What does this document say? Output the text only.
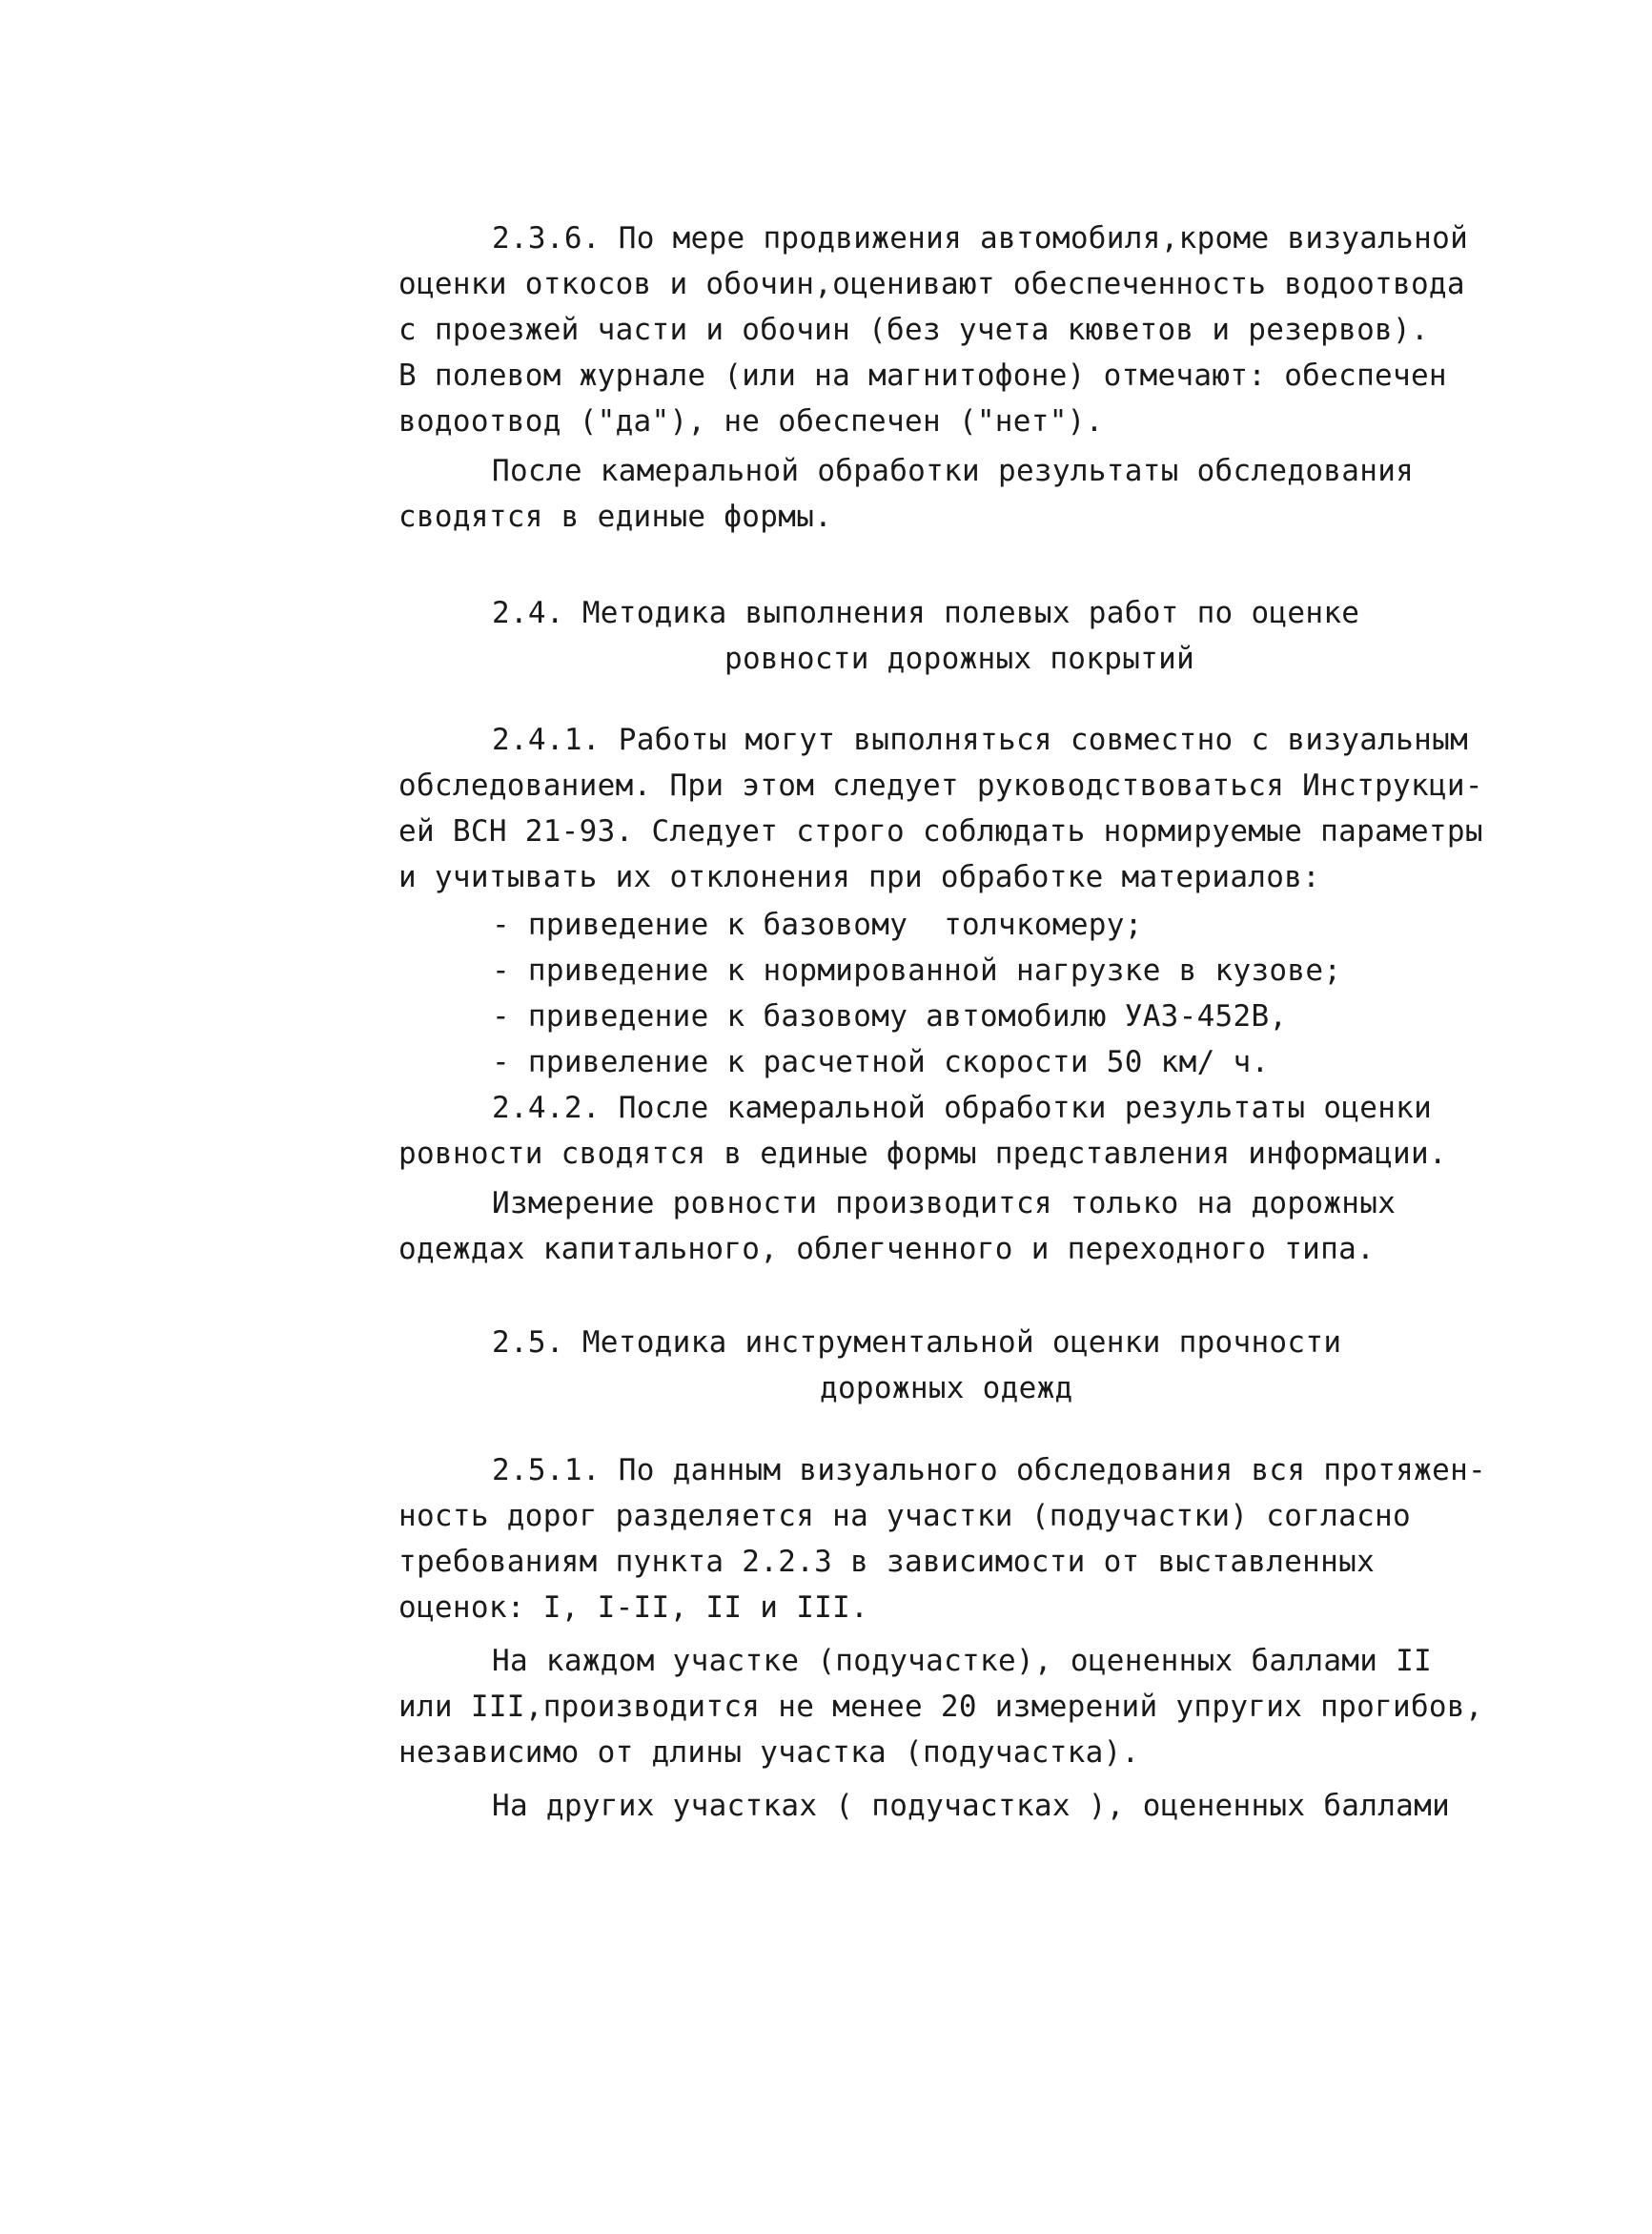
2.3.6. По мере продвижения автомобиля,кроме визуальной
оценки откосов и обочин,оценивают обеспеченность водоотвода
с проезжей части и обочин (без учета кюветов и резервов).
В полевом журнале (или на магнитофоне) отмечают: обеспечен
водоотвод ("да"), не обеспечен ("нет").
После камеральной обработки результаты обследования
сводятся в единые формы.
2.4. Методика выполнения полевых работ по оценке
ровности дорожных покрытий
2.4.1. Работы могут выполняться совместно с визуальным
обследованием. При этом следует руководствоваться Инструкци-
ей ВСН 21-93. Следует строго соблюдать нормируемые параметры
и учитывать их отклонения при обработке материалов:
- приведение к базовому  толчкомеру;
- приведение к нормированной нагрузке в кузове;
- приведение к базовому автомобилю УАЗ-452В,
- привеление к расчетной скорости 50 км/ ч.
2.4.2. После камеральной обработки результаты оценки
ровности сводятся в единые формы представления информации.
Измерение ровности производится только на дорожных
одеждах капитального, облегченного и переходного типа.
2.5. Методика инструментальной оценки прочности
дорожных одежд
2.5.1. По данным визуального обследования вся протяжен-
ность дорог разделяется на участки (подучастки) согласно
требованиям пункта 2.2.3 в зависимости от выставленных
оценок: I, I-II, II и III.
На каждом участке (подучастке), оцененных баллами II
или III,производится не менее 20 измерений упругих прогибов,
независимо от длины участка (подучастка).
На других участках ( подучастках ), оцененных баллами
